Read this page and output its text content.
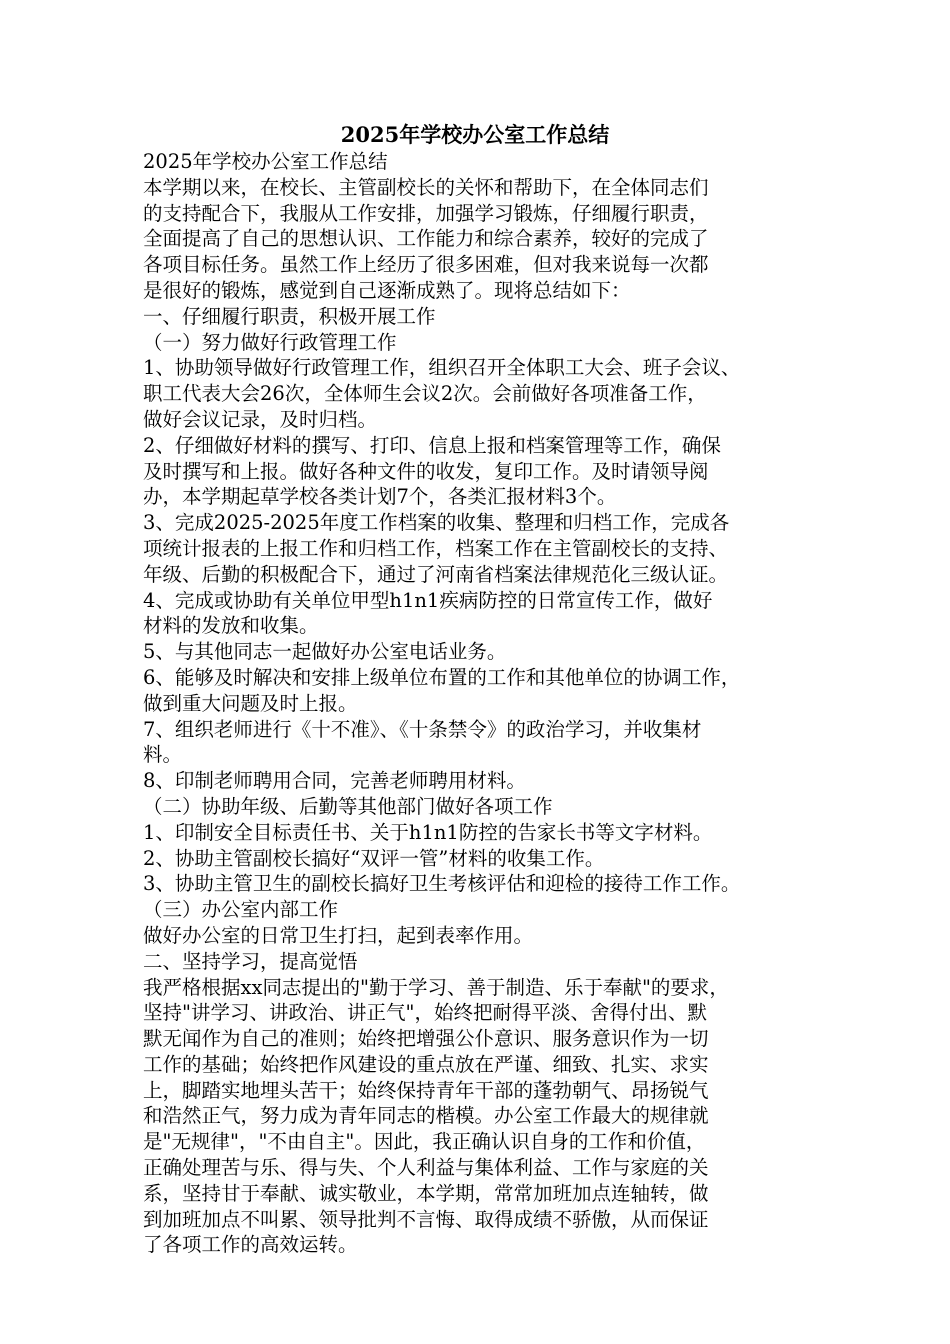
2025年学校办公室工作总结
2025年学校办公室工作总结
本学期以来，在校长、主管副校长的关怀和帮助下，在全体同志们
的支持配合下，我服从工作安排，加强学习锻炼，仔细履行职责，
全面提高了自己的思想认识、工作能力和综合素养，较好的完成了
各项目标任务。虽然工作上经历了很多困难，但对我来说每一次都
是很好的锻炼，感觉到自己逐渐成熟了。现将总结如下：
一、仔细履行职责，积极开展工作
（一）努力做好行政管理工作
1、协助领导做好行政管理工作，组织召开全体职工大会、班子会议、
职工代表大会26次，全体师生会议2次。会前做好各项准备工作，
做好会议记录，及时归档。
2、仔细做好材料的撰写、打印、信息上报和档案管理等工作，确保
及时撰写和上报。做好各种文件的收发，复印工作。及时请领导阅
办，本学期起草学校各类计划7个，各类汇报材料3个。
3、完成2025-2025年度工作档案的收集、整理和归档工作，完成各
项统计报表的上报工作和归档工作，档案工作在主管副校长的支持、
年级、后勤的积极配合下，通过了河南省档案法律规范化三级认证。
4、完成或协助有关单位甲型h1n1疾病防控的日常宣传工作，做好
材料的发放和收集。
5、与其他同志一起做好办公室电话业务。
6、能够及时解决和安排上级单位布置的工作和其他单位的协调工作，
做到重大问题及时上报。
7、组织老师进行《十不准》、《十条禁令》的政治学习，并收集材
料。
8、印制老师聘用合同，完善老师聘用材料。
（二）协助年级、后勤等其他部门做好各项工作
1、印制安全目标责任书、关于h1n1防控的告家长书等文字材料。
2、协助主管副校长搞好“双评一管”材料的收集工作。
3、协助主管卫生的副校长搞好卫生考核评估和迎检的接待工作工作。
（三）办公室内部工作
做好办公室的日常卫生打扫，起到表率作用。
二、坚持学习，提高觉悟
我严格根据xx同志提出的"勤于学习、善于制造、乐于奉献"的要求，
坚持"讲学习、讲政治、讲正气"，始终把耐得平淡、舍得付出、默
默无闻作为自己的准则；始终把增强公仆意识、服务意识作为一切
工作的基础；始终把作风建设的重点放在严谨、细致、扎实、求实
上，脚踏实地埋头苦干；始终保持青年干部的蓬勃朝气、昂扬锐气
和浩然正气，努力成为青年同志的楷模。办公室工作最大的规律就
是"无规律"，"不由自主"。因此，我正确认识自身的工作和价值，
正确处理苦与乐、得与失、个人利益与集体利益、工作与家庭的关
系，坚持甘于奉献、诚实敬业，本学期，常常加班加点连轴转，做
到加班加点不叫累、领导批判不言悔、取得成绩不骄傲，从而保证
了各项工作的高效运转。
